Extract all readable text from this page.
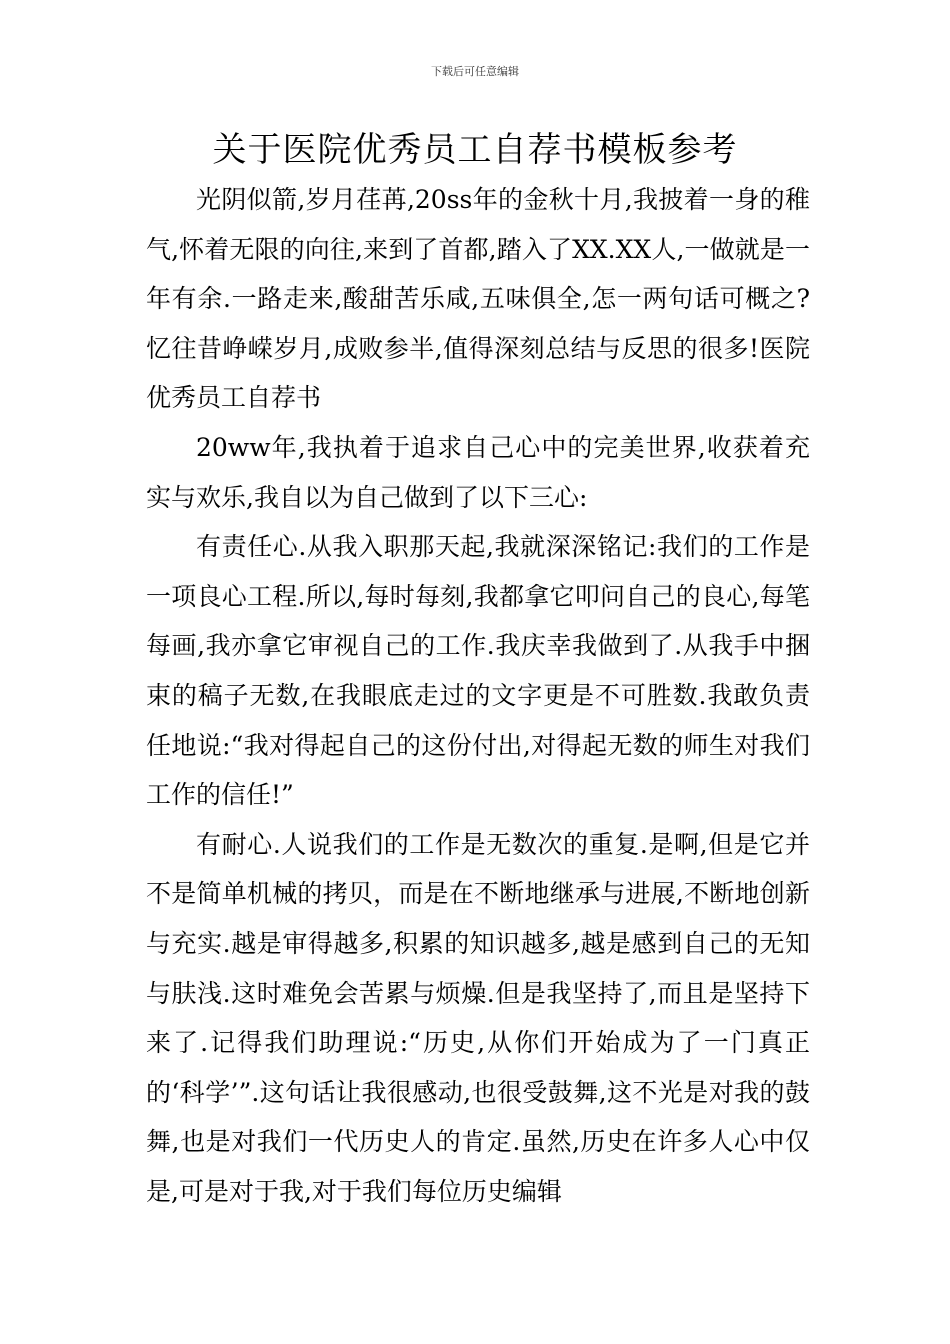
下载后可任意编辑
关于医院优秀员工自荐书模板参考

光阴似箭,岁月荏苒,20ss年的金秋十月,我披着一身的稚气,怀着无限的向往,来到了首都,踏入了XX.XX人,一做就是一年有余.一路走来,酸甜苦乐咸,五味俱全,怎一两句话可概之?忆往昔峥嵘岁月,成败参半,值得深刻总结与反思的很多!医院优秀员工自荐书

20ww年,我执着于追求自己心中的完美世界,收获着充实与欢乐,我自以为自己做到了以下三心:

有责任心.从我入职那天起,我就深深铭记:我们的工作是一项良心工程.所以,每时每刻,我都拿它叩问自己的良心,每笔每画,我亦拿它审视自己的工作.我庆幸我做到了.从我手中捆束的稿子无数,在我眼底走过的文字更是不可胜数.我敢负责任地说:“我对得起自己的这份付出,对得起无数的师生对我们工作的信任!”

有耐心.人说我们的工作是无数次的重复.是啊,但是它并不是简单机械的拷贝，而是在不断地继承与进展,不断地创新与充实.越是审得越多,积累的知识越多,越是感到自己的无知与肤浅.这时难免会苦累与烦燥.但是我坚持了,而且是坚持下来了.记得我们助理说:“历史,从你们开始成为了一门真正的‘科学’”.这句话让我很感动,也很受鼓舞,这不光是对我的鼓舞,也是对我们一代历史人的肯定.虽然,历史在许多人心中仅是,可是对于我,对于我们每位历史编辑
